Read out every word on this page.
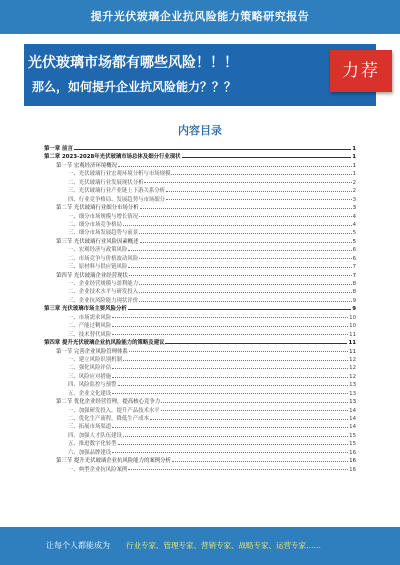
提升光伏玻璃企业抗风险能力策略研究报告
光伏玻璃市场都有哪些风险！！！
那么，如何提升企业抗风险能力？？？
力荐
内容目录
第一章 前言	1
第二章 2023-2028年光伏玻璃市场总体及细分行业现状	1
第一节 宏观经济环境概况	1
一、光伏玻璃行业宏观环境分析与市场规模	1
二、光伏玻璃行业发展现状分析	2
三、光伏玻璃行业产业链上下游关系分析	2
四、行业竞争格局、发展趋势与市场细分	3
第二节 光伏玻璃行业细分市场分析	3
一、细分市场规模与增长情况	4
二、细分市场竞争格局	4
三、细分市场发展趋势与前景	5
第三节 光伏玻璃行业风险因素概述	5
一、宏观经济与政策风险	6
二、市场竞争与价格波动风险	6
三、原材料与供应链风险	7
第四节 光伏玻璃企业经营现状	7
一、企业经营规模与盈利能力	8
二、企业技术水平与研发投入	8
三、企业抗风险能力现状评价	9
第三章 光伏玻璃市场主要风险分析	9
一、市场需求风险	10
二、产能过剩风险	10
三、技术替代风险	11
第四章 提升光伏玻璃企业抗风险能力的策略及建议	11
第一节 完善企业风险管理体系	11
一、建立风险识别机制	12
二、强化风险评估	12
三、风险应对措施	12
四、风险监控与预警	13
五、企业文化建设	13
第二节 优化企业经营管理，提高核心竞争力	13
一、加强研发投入，提升产品技术水平	14
二、优化生产流程，降低生产成本	14
三、拓展市场渠道	14
四、加强人才队伍建设	15
五、推进数字化转型	15
六、加强品牌建设	16
第三节 提升光伏玻璃企业抗风险能力的案例分析	16
一、典型企业抗风险案例	16
让每个人都能成为 行业专家、管理专家、营销专家、战略专家、运营专家……
